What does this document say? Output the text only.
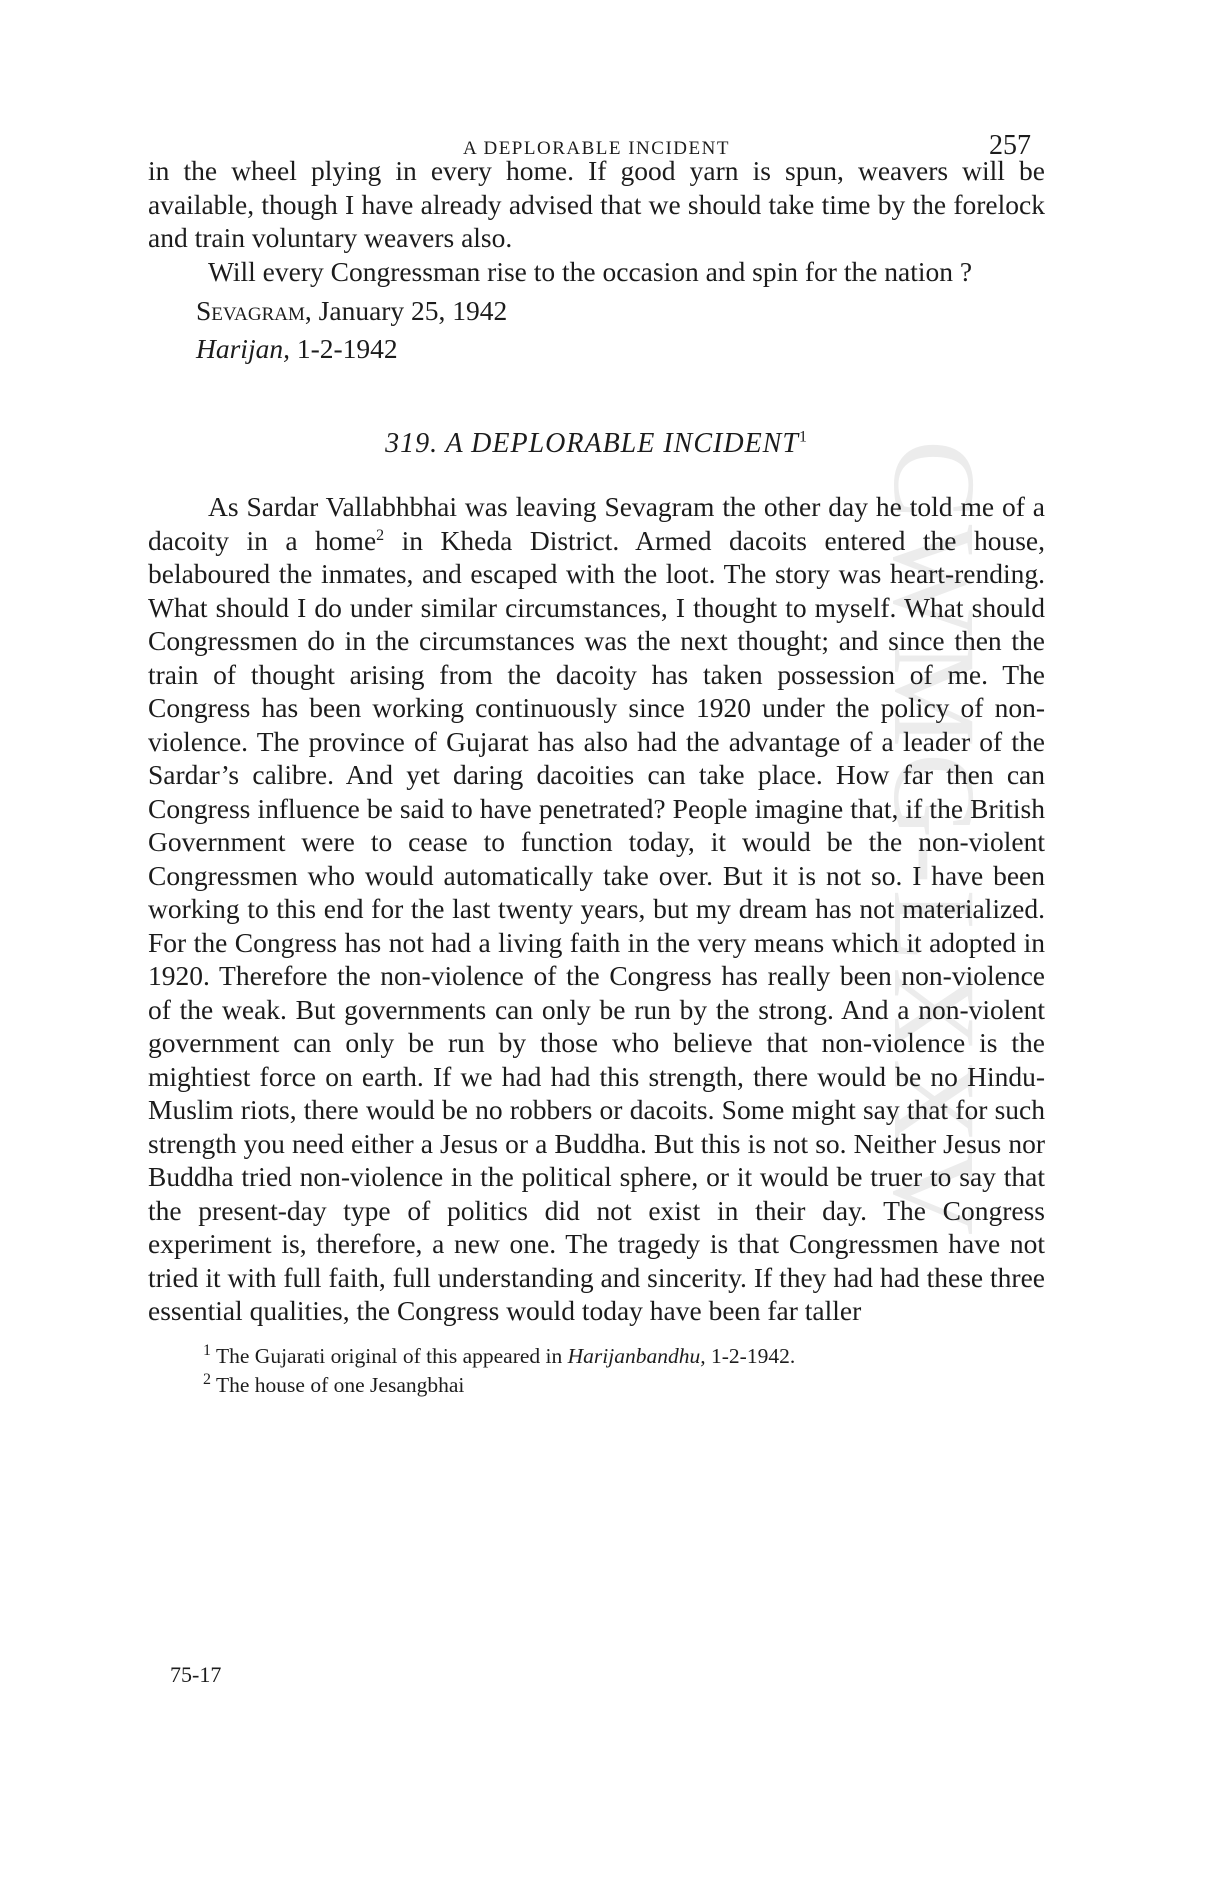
CWMG-LXXV
A DEPLORABLE INCIDENT	257

in the wheel plying in every home. If good yarn is spun, weavers will be available, though I have already advised that we should take time by the forelock and train voluntary weavers also.

Will every Congressman rise to the occasion and spin for the nation ?

Sevagram, January 25, 1942
Harijan, 1-2-1942
319. A DEPLORABLE INCIDENT$^1$

As Sardar Vallabhbhai was leaving Sevagram the other day he told me of a dacoity in a home$^2$ in Kheda District. Armed dacoits entered the house, belaboured the inmates, and escaped with the loot. The story was heart-rending. What should I do under similar circumstances, I thought to myself. What should Congressmen do in the circumstances was the next thought; and since then the train of thought arising from the dacoity has taken possession of me. The Congress has been working continuously since 1920 under the policy of non-violence. The province of Gujarat has also had the advantage of a leader of the Sardar’s calibre. And yet daring dacoities can take place. How far then can Congress influence be said to have penetrated? People imagine that, if the British Government were to cease to function today, it would be the non-violent Congressmen who would automatically take over. But it is not so. I have been working to this end for the last twenty years, but my dream has not materialized. For the Congress has not had a living faith in the very means which it adopted in 1920. Therefore the non-violence of the Congress has really been non-violence of the weak. But governments can only be run by the strong. And a non-violent government can only be run by those who believe that non-violence is the mightiest force on earth. If we had had this strength, there would be no Hindu-Muslim riots, there would be no robbers or dacoits. Some might say that for such strength you need either a Jesus or a Buddha. But this is not so. Neither Jesus nor Buddha tried non-violence in the political sphere, or it would be truer to say that the present-day type of politics did not exist in their day. The Congress experiment is, therefore, a new one. The tragedy is that Congressmen have not tried it with full faith, full understanding and sincerity. If they had had these three essential qualities, the Congress would today have been far taller

$^1$ The Gujarati original of this appeared in Harijanbandhu, 1-2-1942.
$^2$ The house of one Jesangbhai
75-17
